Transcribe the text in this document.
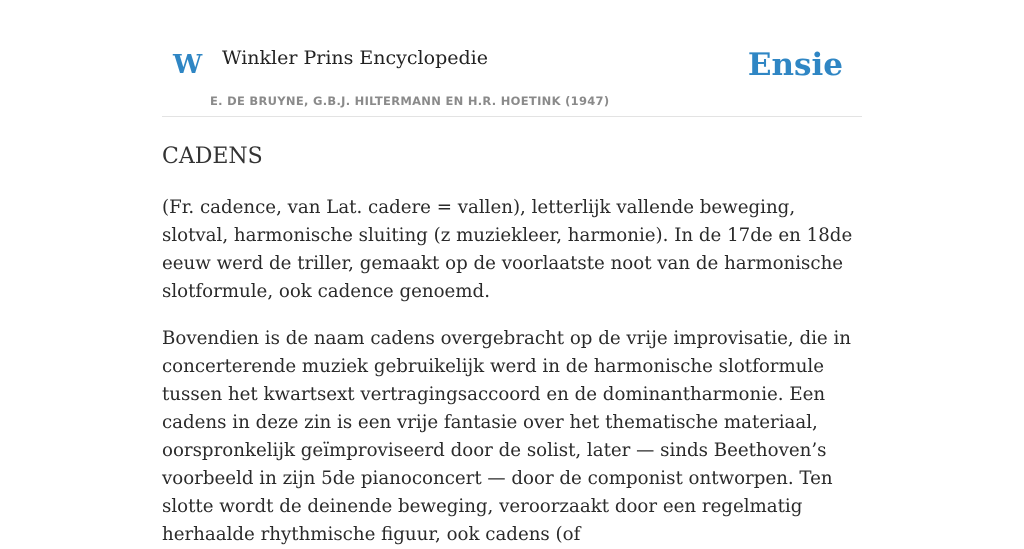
W Winkler Prins Encyclopedie
E. DE BRUYNE, G.B.J. HILTERMANN EN H.R. HOETINK (1947)
Ensie
CADENS

(Fr. cadence, van Lat. cadere = vallen), letterlijk vallende beweging, slotval, harmonische sluiting (z muziekleer, harmonie). In de 17de en 18de eeuw werd de triller, gemaakt op de voorlaatste noot van de harmonische slotformule, ook cadence genoemd.

Bovendien is de naam cadens overgebracht op de vrije improvisatie, die in concerterende muziek gebruikelijk werd in de harmonische slotformule tussen het kwartsext vertragingsaccoord en de dominantharmonie. Een cadens in deze zin is een vrije fantasie over het thematische materiaal, oorspronkelijk geïmproviseerd door de solist, later — sinds Beethoven’s voorbeeld in zijn 5de pianoconcert — door de componist ontworpen. Ten slotte wordt de deinende beweging, veroorzaakt door een regelmatig herhaalde rhythmische figuur, ook cadens (of
